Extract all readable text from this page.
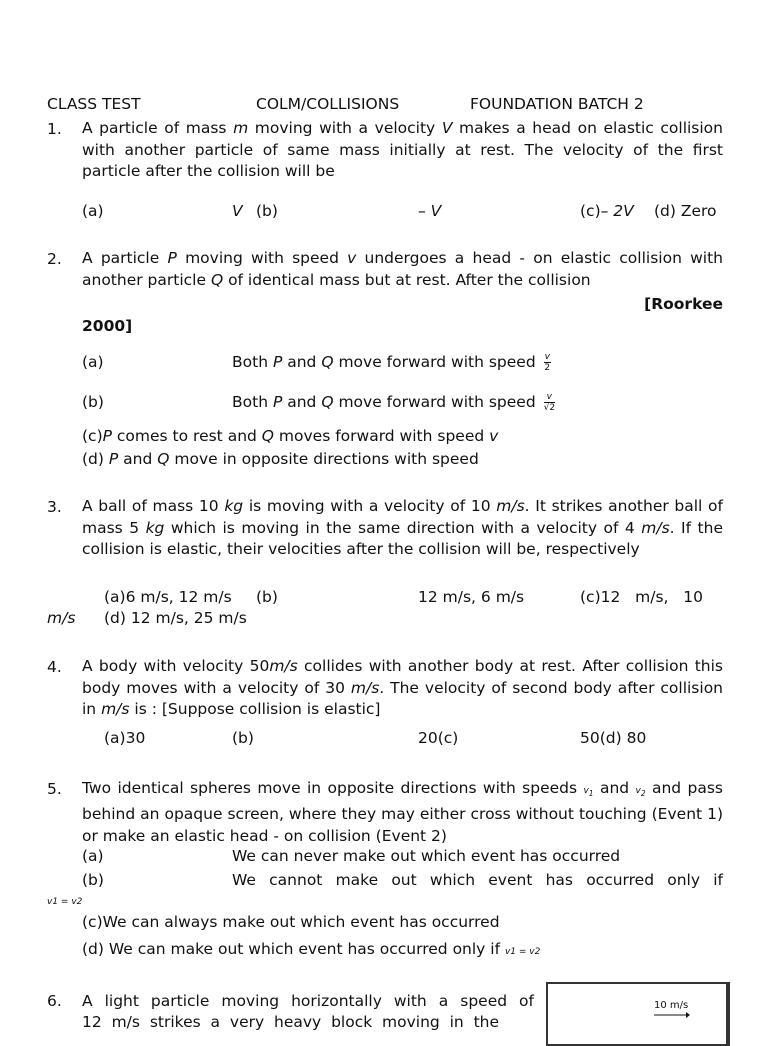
CLASS TEST	COLM/COLLISIONS	FOUNDATION BATCH 2
1. A particle of mass m moving with a velocity V makes a head on elastic collision with another particle of same mass initially at rest. The velocity of the first particle after the collision will be
(a)	V (b)	– V	(c)– 2V (d) Zero
2. A particle P moving with speed v undergoes a head - on elastic collision with another particle Q of identical mass but at rest. After the collision
[Roorkee

2000]
(a)	Both P and Q move forward with speed $\frac{v}{2}$
(b)	Both P and Q move forward with speed $\frac{v}{√2}$
(c)P comes to rest and Q moves forward with speed v
(d) P and Q move in opposite directions with speed
3. A ball of mass 10 kg is moving with a velocity of 10 m/s. It strikes another ball of mass 5 kg which is moving in the same direction with a velocity of 4 m/s. If the collision is elastic, their velocities after the collision will be, respectively
(a)6 m/s, 12 m/s (b)	12 m/s, 6 m/s	(c)12   m/s,   10
m/s (d) 12 m/s, 25 m/s
4. A body with velocity 50m/s collides with another body at rest. After collision this body moves with a velocity of 30 m/s. The velocity of second body after collision in m/s is : [Suppose collision is elastic]
(a)30	(b)	20(c)	50(d) 80
5. Two identical spheres move in opposite directions with speeds $v_1$ and $v_2$ and pass behind an opaque screen, where they may either cross without touching (Event 1) or make an elastic head - on collision (Event 2)
(a)	We can never make out which event has occurred
(b)	We cannot make out which event has occurred only if
v1 = v2
(c)We can always make out which event has occurred
(d) We can make out which event has occurred only if v1 = v2
6. A light particle moving horizontally with a speed of
12  m/s  strikes  a  very  heavy  block  moving  in  the
10 m/s
